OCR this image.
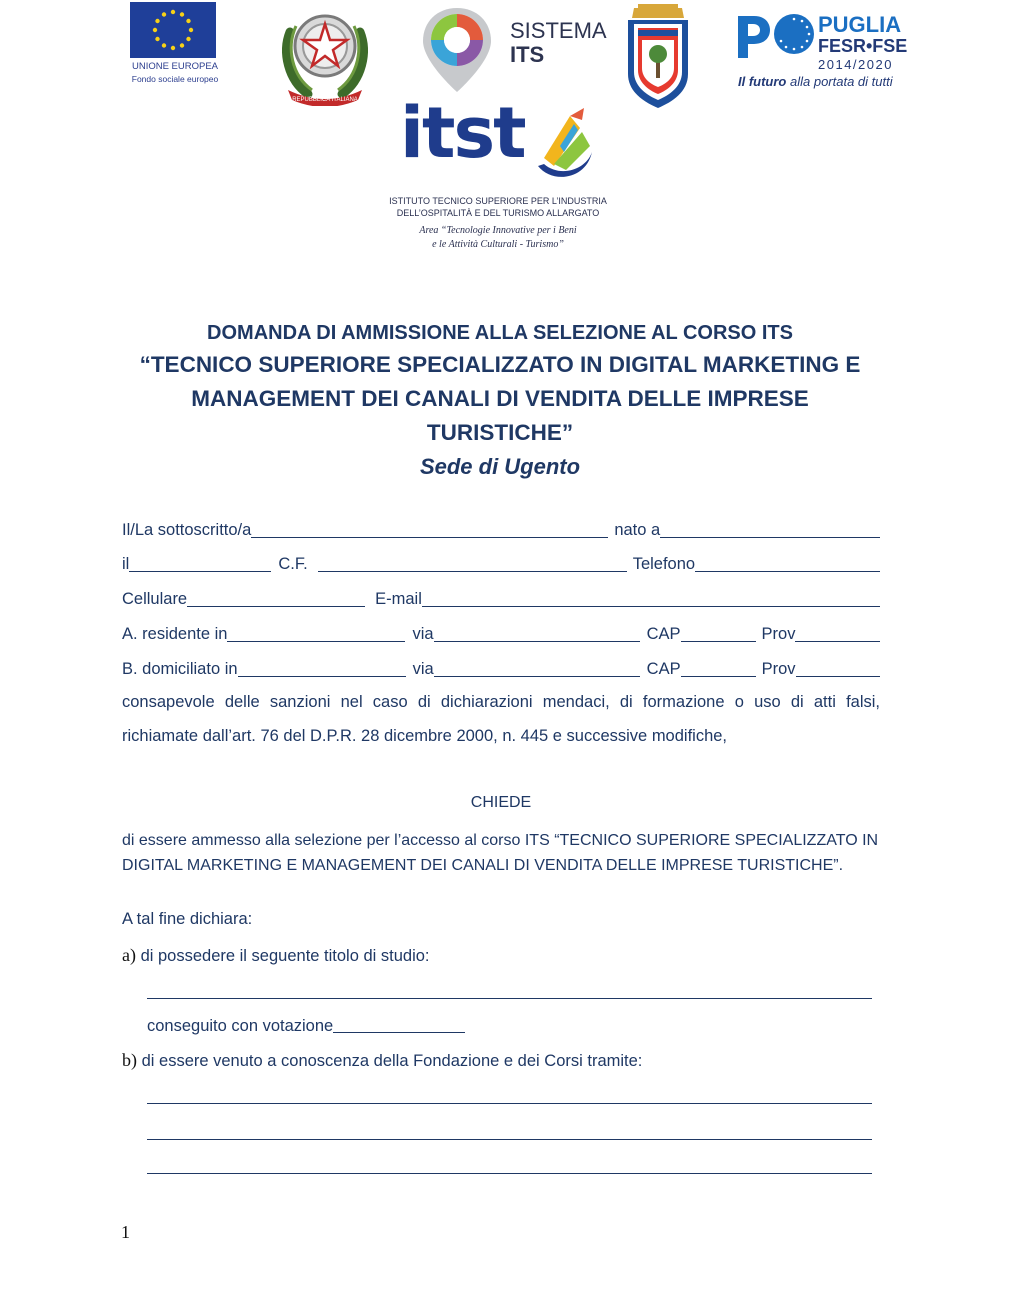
UNIONE EUROPEA
Fondo sociale europeo
REPUBBLICA ITALIANA
SISTEMA
ITS
PUGLIA
FESR•FSE
2014/2020
Il futuro alla portata di tutti
itst
ISTITUTO TECNICO SUPERIORE PER L’INDUSTRIA
DELL’OSPITALITÀ E DEL TURISMO ALLARGATO
Area “Tecnologie Innovative per i Beni
e le Attività Culturali - Turismo”
DOMANDA DI AMMISSIONE ALLA SELEZIONE AL CORSO ITS
“TECNICO SUPERIORE SPECIALIZZATO IN DIGITAL MARKETING E
MANAGEMENT DEI CANALI DI VENDITA DELLE IMPRESE
TURISTICHE”
Sede di Ugento
Il/La sottoscritto/a	nato a
il	C.F.	Telefono
Cellulare	E-mail
A. residente in	via	CAP	Prov
B. domiciliato in	via	CAP	Prov
consapevole delle sanzioni nel caso di dichiarazioni mendaci, di formazione o uso di atti falsi,
richiamate dall’art. 76 del D.P.R. 28 dicembre 2000, n. 445 e successive modifiche,
CHIEDE
di essere ammesso alla selezione per l’accesso al corso ITS “TECNICO SUPERIORE SPECIALIZZATO IN DIGITAL MARKETING E MANAGEMENT DEI CANALI DI VENDITA DELLE IMPRESE TURISTICHE”.
A tal fine dichiara:
a) di possedere il seguente titolo di studio:
conseguito con votazione
b) di essere venuto a conoscenza della Fondazione e dei Corsi tramite:
1
